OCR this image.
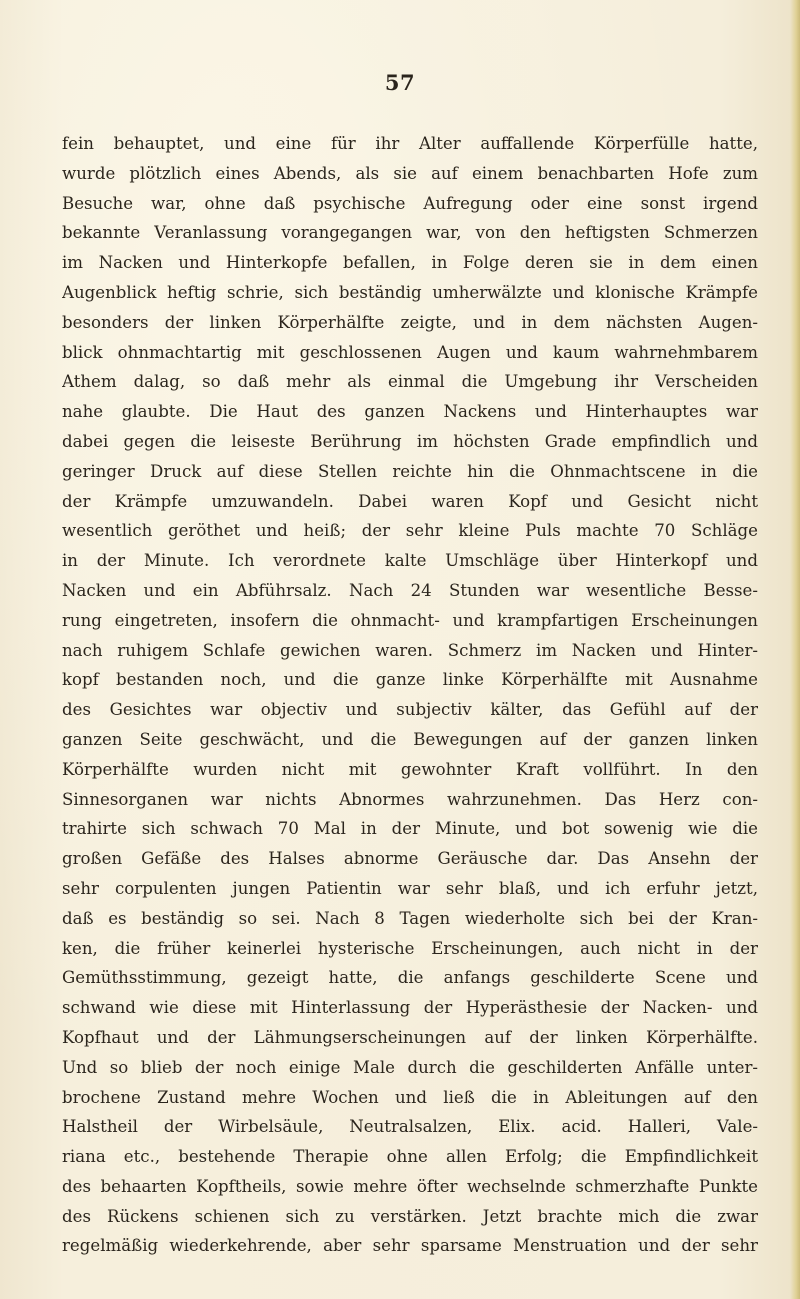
57
fein behauptet, und eine für ihr Alter auffallende Körperfülle hatte,
wurde plötzlich eines Abends, als sie auf einem benachbarten Hofe zum
Besuche war, ohne daß psychische Aufregung oder eine sonst irgend
bekannte Veranlassung vorangegangen war, von den heftigsten Schmerzen
im Nacken und Hinterkopfe befallen, in Folge deren sie in dem einen
Augenblick heftig schrie, sich beständig umherwälzte und klonische Krämpfe
besonders der linken Körperhälfte zeigte, und in dem nächsten Augen-
blick ohnmachtartig mit geschlossenen Augen und kaum wahrnehmbarem
Athem dalag, so daß mehr als einmal die Umgebung ihr Verscheiden
nahe glaubte. Die Haut des ganzen Nackens und Hinterhauptes war
dabei gegen die leiseste Berührung im höchsten Grade empfindlich und
geringer Druck auf diese Stellen reichte hin die Ohnmachtscene in die
der Krämpfe umzuwandeln. Dabei waren Kopf und Gesicht nicht
wesentlich geröthet und heiß; der sehr kleine Puls machte 70 Schläge
in der Minute. Ich verordnete kalte Umschläge über Hinterkopf und
Nacken und ein Abführsalz. Nach 24 Stunden war wesentliche Besse-
rung eingetreten, insofern die ohnmacht- und krampfartigen Erscheinungen
nach ruhigem Schlafe gewichen waren. Schmerz im Nacken und Hinter-
kopf bestanden noch, und die ganze linke Körperhälfte mit Ausnahme
des Gesichtes war objectiv und subjectiv kälter, das Gefühl auf der
ganzen Seite geschwächt, und die Bewegungen auf der ganzen linken
Körperhälfte wurden nicht mit gewohnter Kraft vollführt. In den
Sinnesorganen war nichts Abnormes wahrzunehmen. Das Herz con-
trahirte sich schwach 70 Mal in der Minute, und bot sowenig wie die
großen Gefäße des Halses abnorme Geräusche dar. Das Ansehn der
sehr corpulenten jungen Patientin war sehr blaß, und ich erfuhr jetzt,
daß es beständig so sei. Nach 8 Tagen wiederholte sich bei der Kran-
ken, die früher keinerlei hysterische Erscheinungen, auch nicht in der
Gemüthsstimmung, gezeigt hatte, die anfangs geschilderte Scene und
schwand wie diese mit Hinterlassung der Hyperästhesie der Nacken- und
Kopfhaut und der Lähmungserscheinungen auf der linken Körperhälfte.
Und so blieb der noch einige Male durch die geschilderten Anfälle unter-
brochene Zustand mehre Wochen und ließ die in Ableitungen auf den
Halstheil der Wirbelsäule, Neutralsalzen, Elix. acid. Halleri, Vale-
riana etc., bestehende Therapie ohne allen Erfolg; die Empfindlichkeit
des behaarten Kopftheils, sowie mehre öfter wechselnde schmerzhafte Punkte
des Rückens schienen sich zu verstärken. Jetzt brachte mich die zwar
regelmäßig wiederkehrende, aber sehr sparsame Menstruation und der sehr
